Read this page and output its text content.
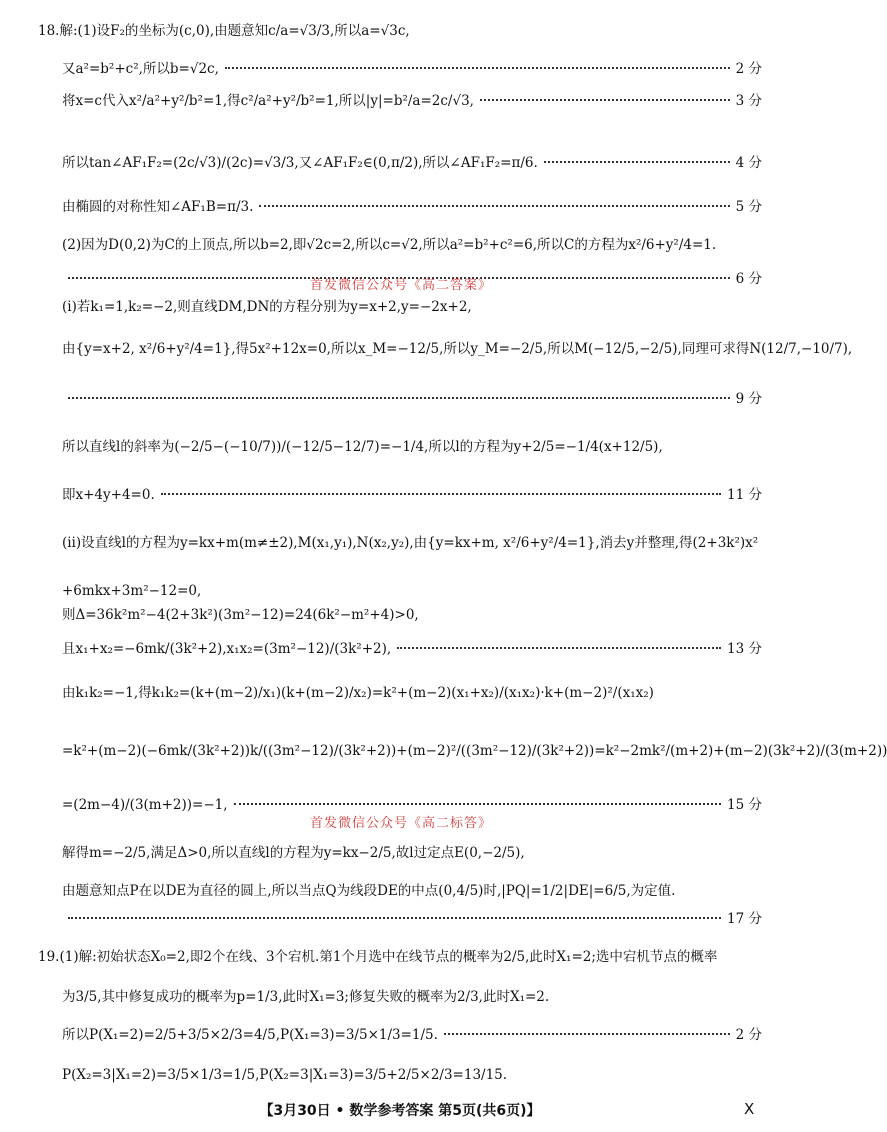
18.解:(1)设F₂的坐标为(c,0),由题意知c/a=√3/3,所以a=√3c,
又a²=b²+c²,所以b=√2c,	2 分
将x=c代入x²/a²+y²/b²=1,得c²/a²+y²/b²=1,所以|y|=b²/a=2c/√3,	3 分
所以tan∠AF₁F₂=(2c/√3)/(2c)=√3/3,又∠AF₁F₂∈(0,π/2),所以∠AF₁F₂=π/6.	4 分
由椭圆的对称性知∠AF₁B=π/3.	5 分
(2)因为D(0,2)为C的上顶点,所以b=2,即√2c=2,所以c=√2,所以a²=b²+c²=6,所以C的方程为x²/6+y²/4=1.
6 分
首发微信公众号《高二答案》
(ⅰ)若k₁=1,k₂=−2,则直线DM,DN的方程分别为y=x+2,y=−2x+2,
由{y=x+2, x²/6+y²/4=1},得5x²+12x=0,所以x_M=−12/5,所以y_M=−2/5,所以M(−12/5,−2/5),同理可求得N(12/7,−10/7),
9 分
所以直线l的斜率为(−2/5−(−10/7))/(−12/5−12/7)=−1/4,所以l的方程为y+2/5=−1/4(x+12/5),
即x+4y+4=0.	11 分
(ⅱ)设直线l的方程为y=kx+m(m≠±2),M(x₁,y₁),N(x₂,y₂),由{y=kx+m, x²/6+y²/4=1},消去y并整理,得(2+3k²)x²
+6mkx+3m²−12=0,
则Δ=36k²m²−4(2+3k²)(3m²−12)=24(6k²−m²+4)>0,
且x₁+x₂=−6mk/(3k²+2),x₁x₂=(3m²−12)/(3k²+2),	13 分
由k₁k₂=−1,得k₁k₂=(k+(m−2)/x₁)(k+(m−2)/x₂)=k²+(m−2)(x₁+x₂)/(x₁x₂)·k+(m−2)²/(x₁x₂)
=k²+(m−2)(−6mk/(3k²+2))k/((3m²−12)/(3k²+2))+(m−2)²/((3m²−12)/(3k²+2))=k²−2mk²/(m+2)+(m−2)(3k²+2)/(3(m+2))
=(2m−4)/(3(m+2))=−1,	15 分
首发微信公众号《高二标答》
解得m=−2/5,满足Δ>0,所以直线l的方程为y=kx−2/5,故l过定点E(0,−2/5),
由题意知点P在以DE为直径的圆上,所以当点Q为线段DE的中点(0,4/5)时,|PQ|=1/2|DE|=6/5,为定值.
17 分
19.(1)解:初始状态X₀=2,即2个在线、3个宕机.第1个月选中在线节点的概率为2/5,此时X₁=2;选中宕机节点的概率
为3/5,其中修复成功的概率为p=1/3,此时X₁=3;修复失败的概率为2/3,此时X₁=2.
所以P(X₁=2)=2/5+3/5×2/3=4/5,P(X₁=3)=3/5×1/3=1/5.	2 分
P(X₂=3|X₁=2)=3/5×1/3=1/5,P(X₂=3|X₁=3)=3/5+2/5×2/3=13/15.
【3月30日 • 数学参考答案 第5页(共6页)】	X
